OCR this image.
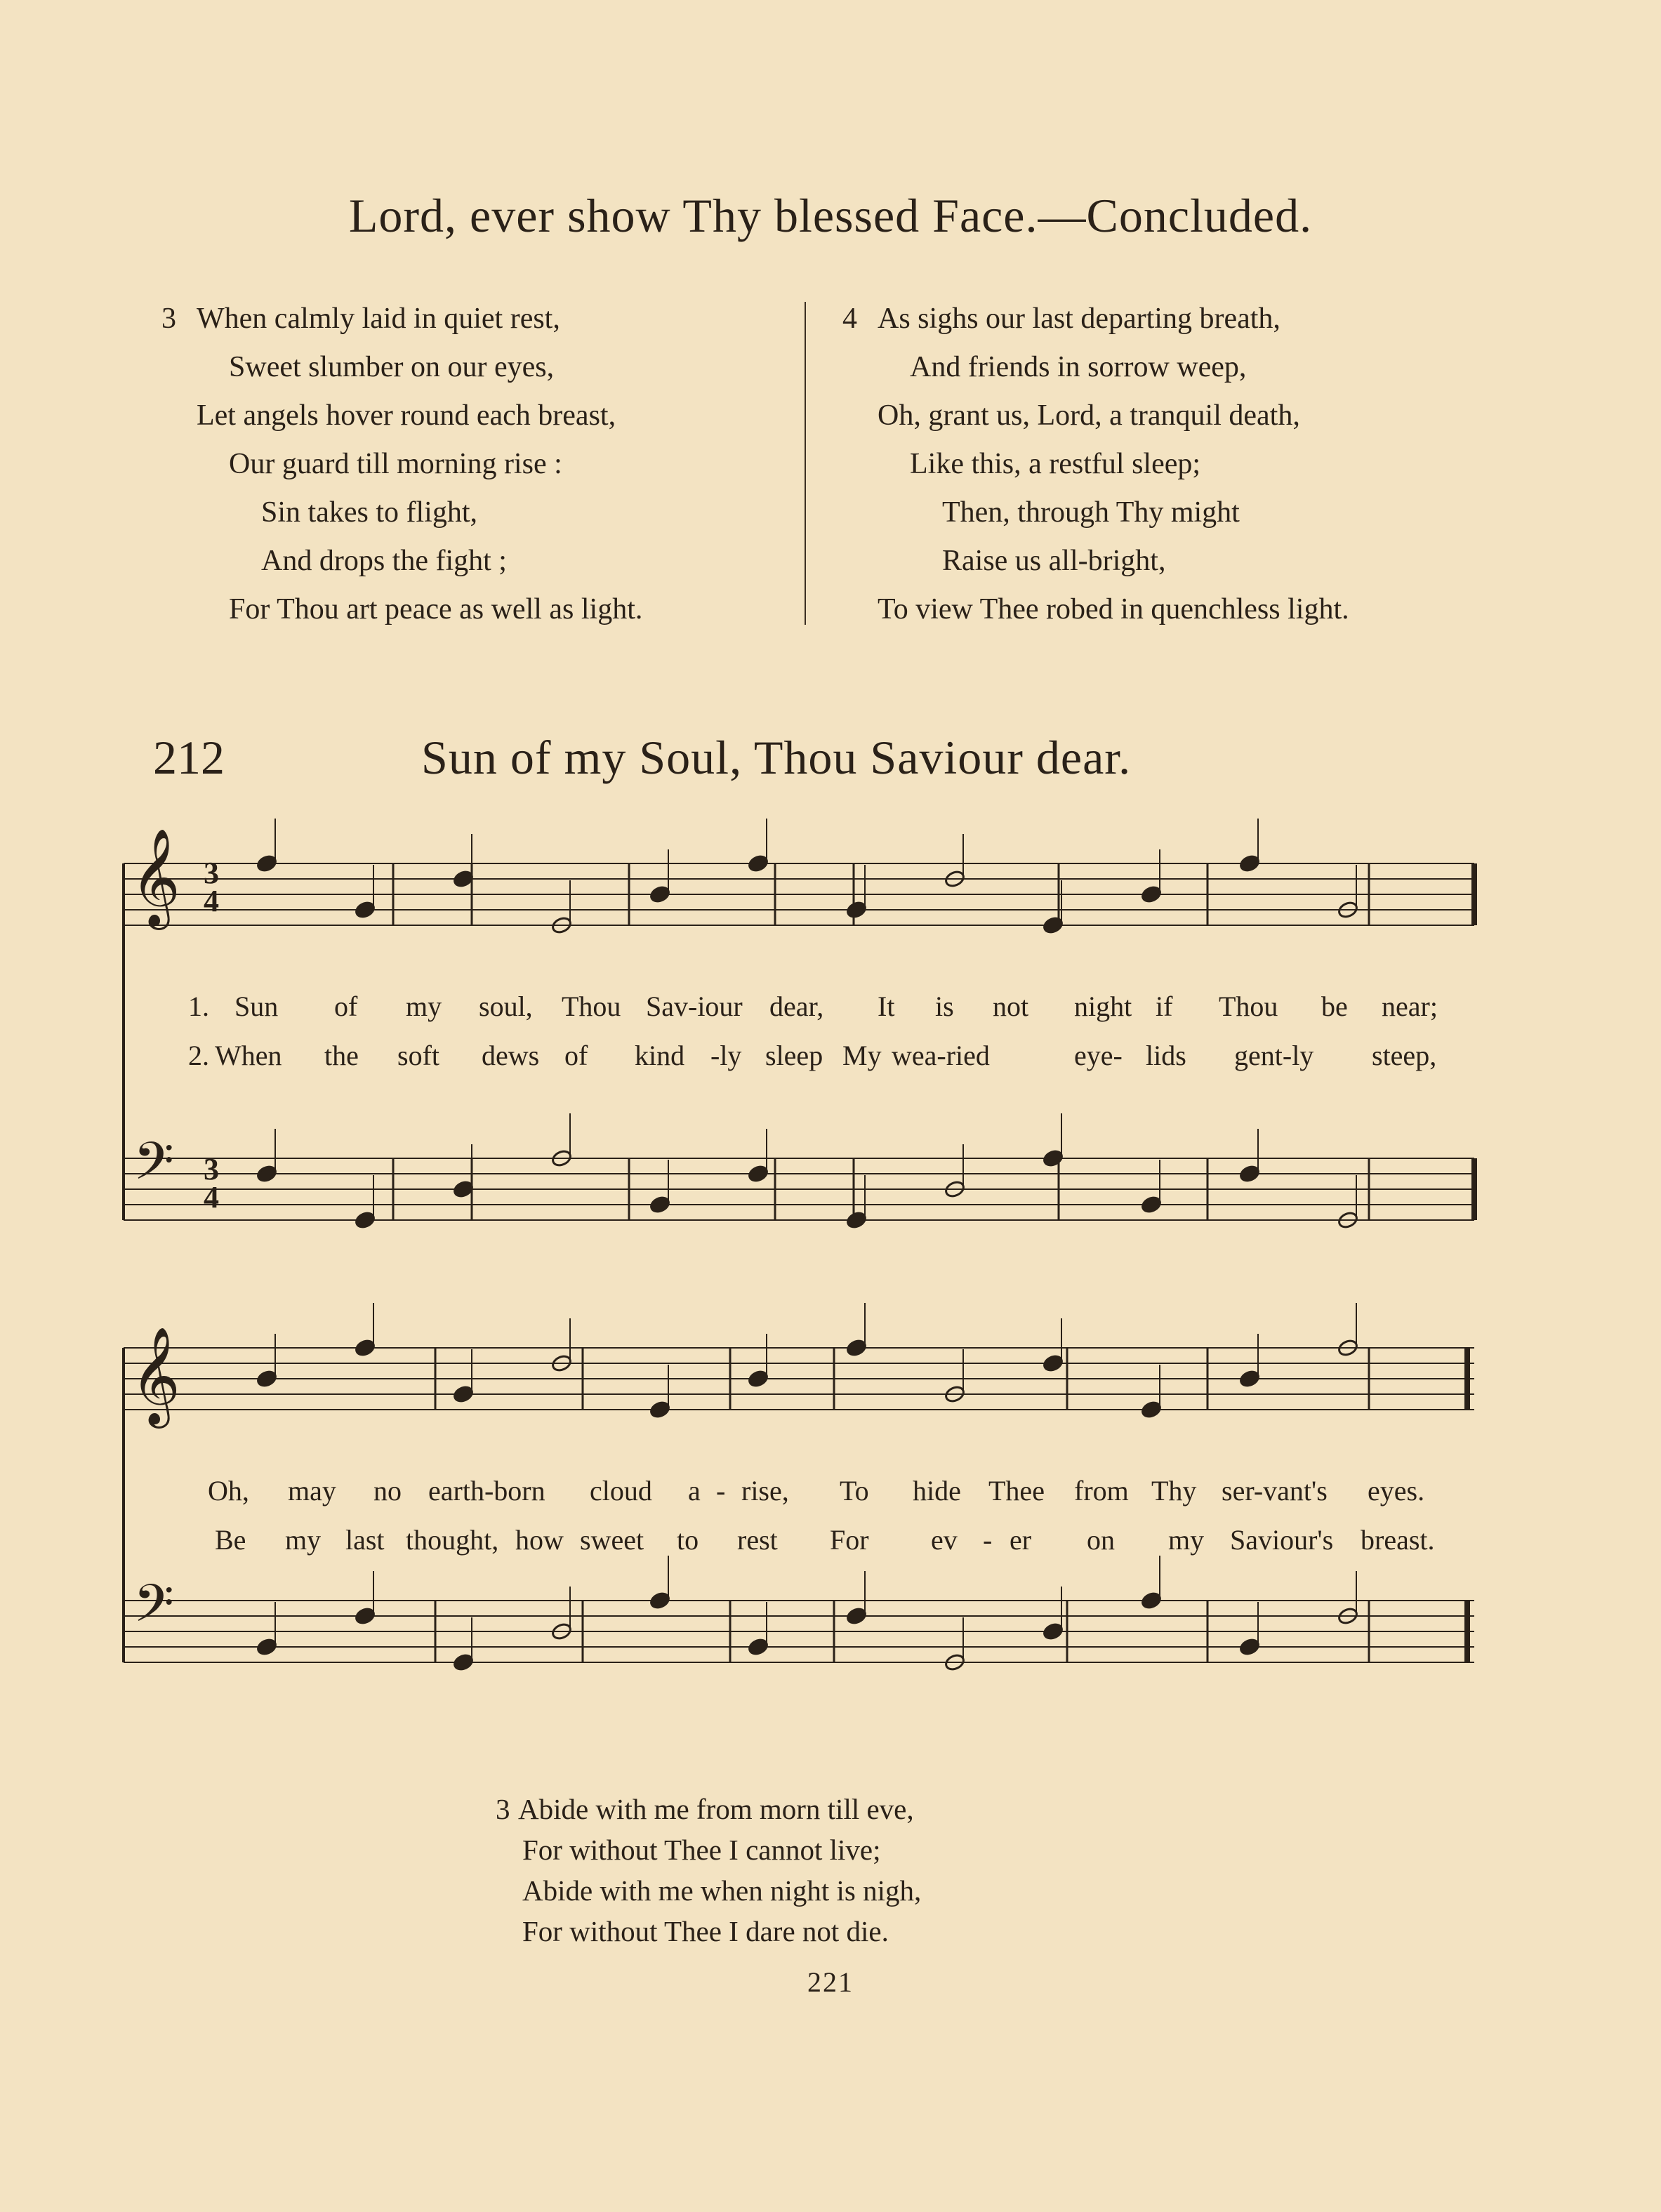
Lord, ever show Thy blessed Face.—Concluded.
3 When calmly laid in quiet rest,
Sweet slumber on our eyes,
Let angels hover round each breast,
Our guard till morning rise :
Sin takes to flight,
And drops the fight ;
For Thou art peace as well as light.
4 As sighs our last departing breath,
And friends in sorrow weep,
Oh, grant us, Lord, a tranquil death,
Like this, a restful sleep;
Then, through Thy might
Raise us all-bright,
To view Thee robed in quenchless light.
212	Sun of my Soul, Thou Saviour dear.
𝄞
𝄢
𝄞
𝄢
3
4
3
4
1. Sun of my soul, Thou Sav-iour dear, It is not night if Thou be near;
2. When the soft dews of kind -ly sleep My wea-ried	eye- lids gent-ly steep,
Oh, may no earth-born cloud a - rise, To hide Thee from Thy ser-vant's eyes.
Be my last thought, how sweet to rest For ev - er on my Saviour's breast.
3 Abide with me from morn till eve,
For without Thee I cannot live;
Abide with me when night is nigh,
For without Thee I dare not die.
221
